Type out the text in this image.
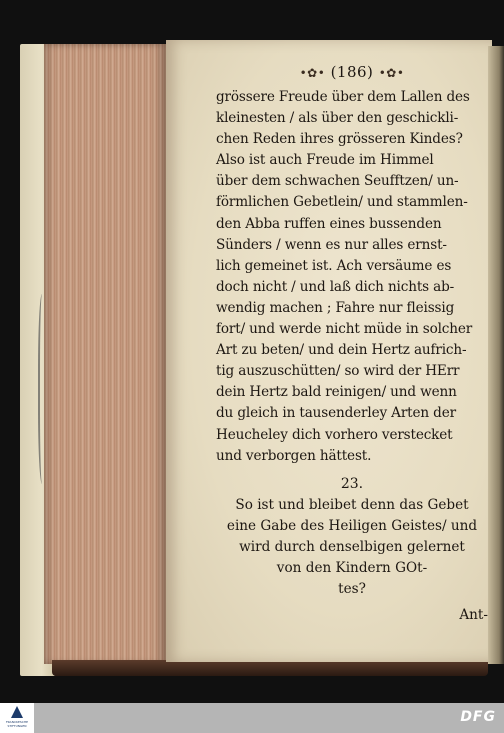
•✿• (186) •✿•
grössere Freude über dem Lallen des
kleinesten / als über den geschickli-
chen Reden ihres grösseren Kindes?
Also ist auch Freude im Himmel
über dem schwachen Seufftzen/ un-
förmlichen Gebetlein/ und stammlen-
den Abba ruffen eines bussenden
Sünders / wenn es nur alles ernst-
lich gemeinet ist. Ach versäume es
doch nicht / und laß dich nichts ab-
wendig machen ; Fahre nur fleissig
fort/ und werde nicht müde in solcher
Art zu beten/ und dein Hertz aufrich-
tig auszuschütten/ so wird der HErr
dein Hertz bald reinigen/ und wenn
du gleich in tausenderley Arten der
Heucheley dich vorhero verstecket
und verborgen hättest.
23.
So ist und bleibet denn das Gebet
eine Gabe des Heiligen Geistes/ und
wird durch denselbigen gelernet
von den Kindern GOt-
tes?
Ant-
FRANCKESCHE STIFTUNGEN
DFG
